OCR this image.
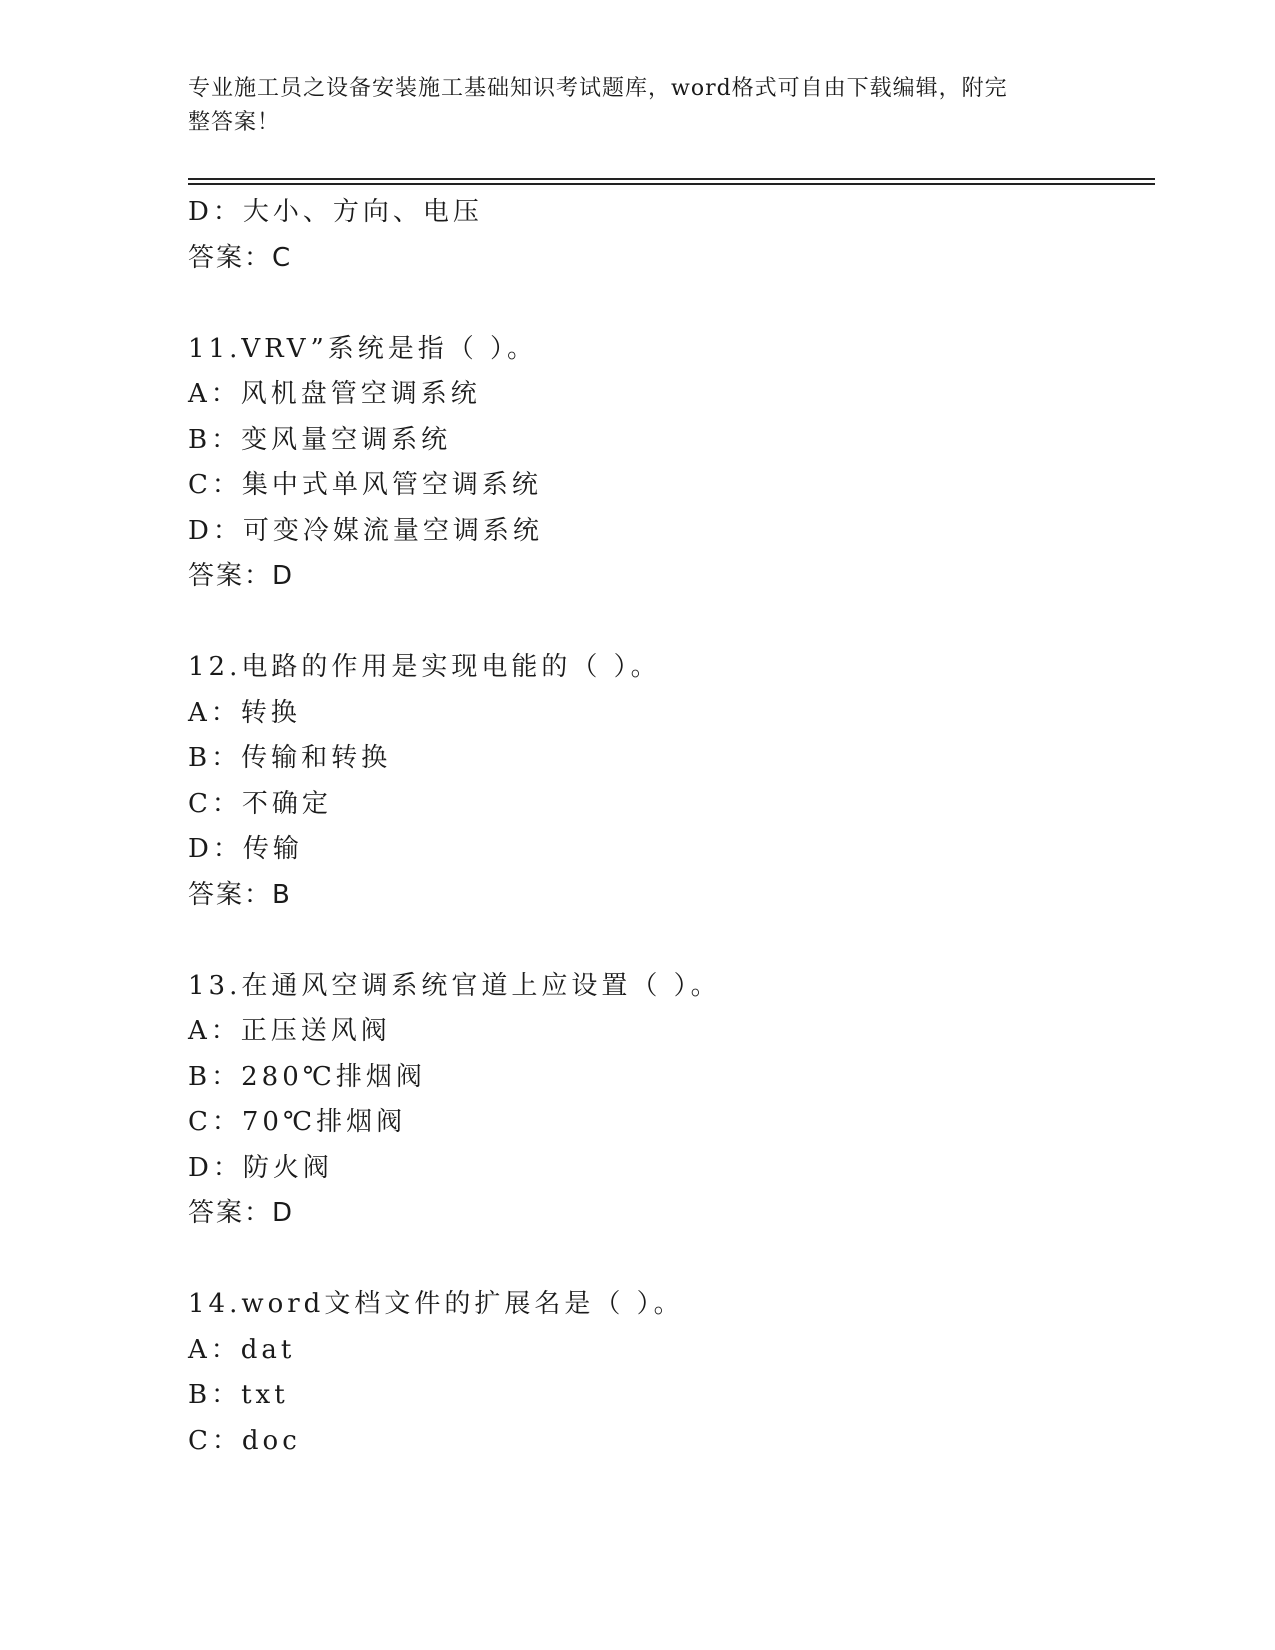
专业施工员之设备安装施工基础知识考试题库，word格式可自由下载编辑，附完
整答案！
D：大小、方向、电压
答案：C
11.VRV”系统是指（ ）。
A：风机盘管空调系统
B：变风量空调系统
C：集中式单风管空调系统
D：可变冷媒流量空调系统
答案：D
12.电路的作用是实现电能的（ ）。
A：转换
B：传输和转换
C：不确定
D：传输
答案：B
13.在通风空调系统官道上应设置（ ）。
A：正压送风阀
B：280℃排烟阀
C：70℃排烟阀
D：防火阀
答案：D
14.word文档文件的扩展名是（ ）。
A：dat
B：txt
C：doc
